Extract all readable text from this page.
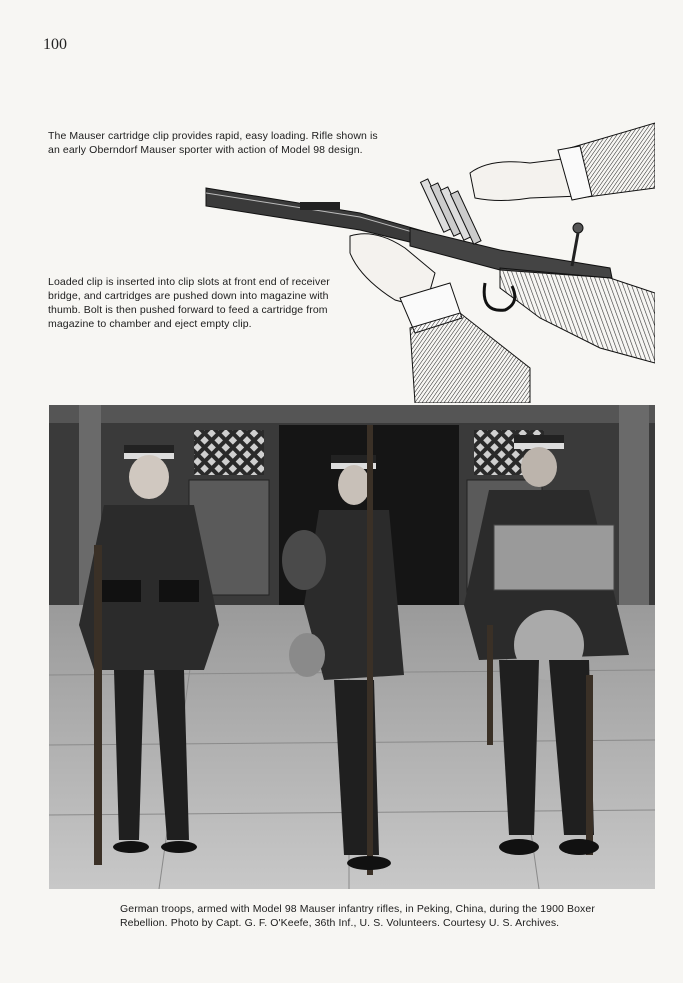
100
The Mauser cartridge clip provides rapid, easy loading. Rifle shown is an early Oberndorf Mauser sporter with action of Model 98 design.
Loaded clip is inserted into clip slots at front end of receiver bridge, and cartridges are pushed down into magazine with thumb. Bolt is then pushed forward to feed a cartridge from magazine to chamber and eject empty clip.
German troops, armed with Model 98 Mauser infantry rifles, in Peking, China, during the 1900 Boxer Rebellion. Photo by Capt. G. F. O'Keefe, 36th Inf., U. S. Volunteers. Courtesy U. S. Archives.
